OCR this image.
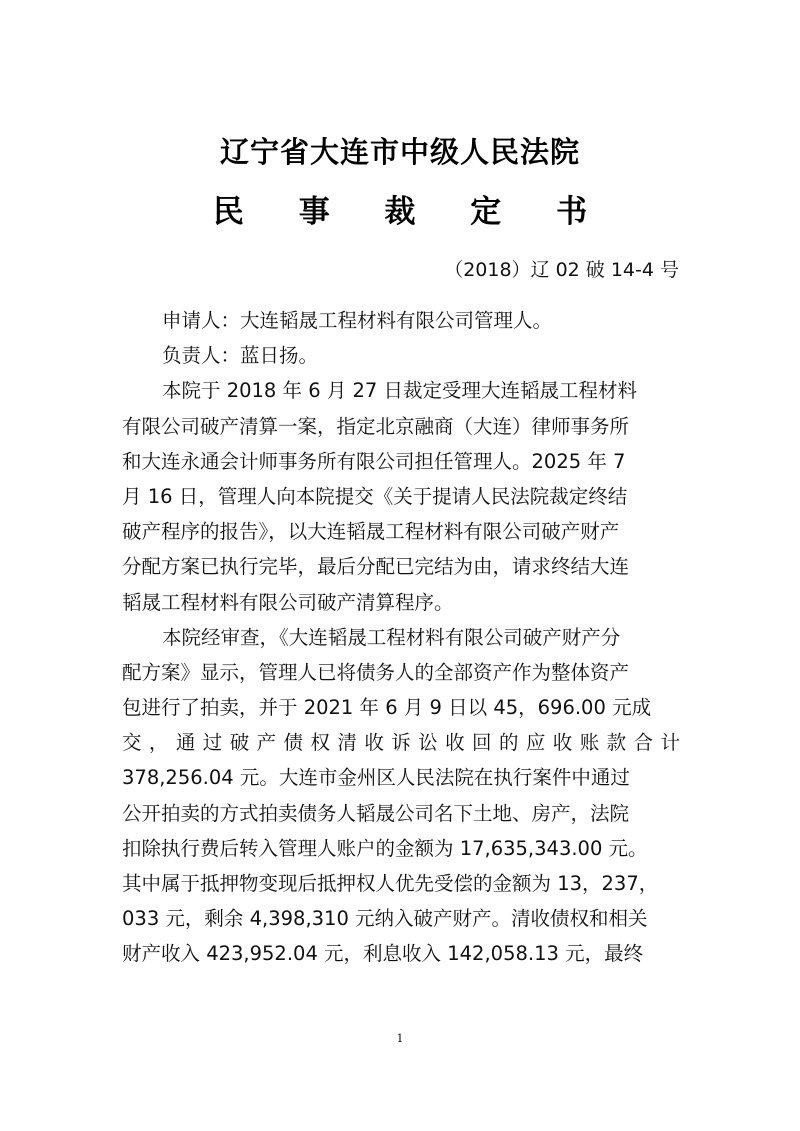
辽宁省大连市中级人民法院
民 事 裁 定 书
（2018）辽 02 破 14-4 号
申请人：大连韬晟工程材料有限公司管理人。
负责人：蓝日扬。
本院于 2018 年 6 月 27 日裁定受理大连韬晟工程材料
有限公司破产清算一案，指定北京融商（大连）律师事务所
和大连永通会计师事务所有限公司担任管理人。2025 年 7
月 16 日，管理人向本院提交《关于提请人民法院裁定终结
破产程序的报告》，以大连韬晟工程材料有限公司破产财产
分配方案已执行完毕，最后分配已完结为由，请求终结大连
韬晟工程材料有限公司破产清算程序。
本院经审查，《大连韬晟工程材料有限公司破产财产分
配方案》显示，管理人已将债务人的全部资产作为整体资产
包进行了拍卖，并于 2021 年 6 月 9 日以 45，696.00 元成
交，通过破产债权清收诉讼收回的应收账款合计
378,256.04 元。大连市金州区人民法院在执行案件中通过
公开拍卖的方式拍卖债务人韬晟公司名下土地、房产，法院
扣除执行费后转入管理人账户的金额为 17,635,343.00 元。
其中属于抵押物变现后抵押权人优先受偿的金额为 13，237，
033 元，剩余 4,398,310 元纳入破产财产。清收债权和相关
财产收入 423,952.04 元，利息收入 142,058.13 元，最终
1
